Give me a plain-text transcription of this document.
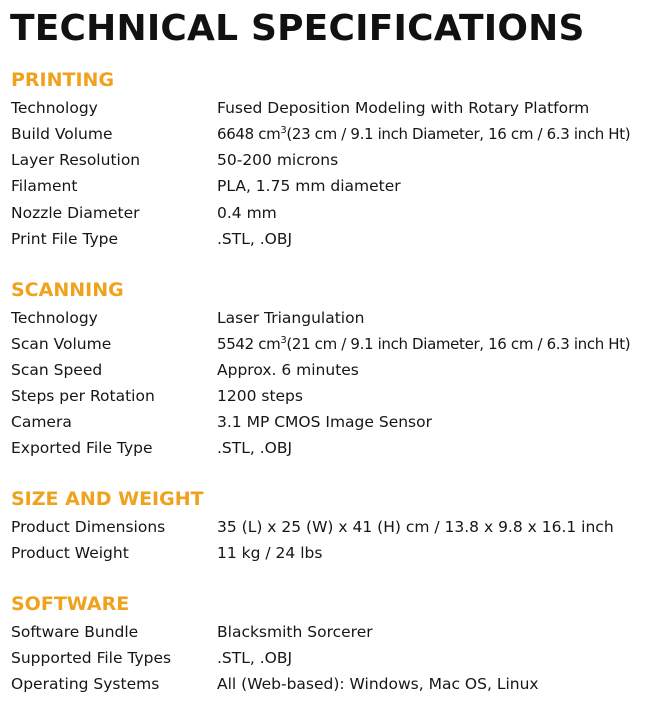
TECHNICAL SPECIFICATIONS
PRINTING
Technology	Fused Deposition Modeling with Rotary Platform
Build Volume	6648 $cm^3(23$ cm / 9.1 inch Diameter, 16 cm / 6.3 inch Ht)
Layer Resolution	50-200 microns
Filament	PLA, 1.75 mm diameter
Nozzle Diameter	0.4 mm
Print File Type	.STL, .OBJ
SCANNING
Technology	Laser Triangulation
Scan Volume	5542 $cm^3(21$ cm / 9.1 inch Diameter, 16 cm / 6.3 inch Ht)
Scan Speed	Approx. 6 minutes
Steps per Rotation	1200 steps
Camera	3.1 MP CMOS Image Sensor
Exported File Type	.STL, .OBJ
SIZE AND WEIGHT
Product Dimensions	35 (L) x 25 (W) x 41 (H) cm / 13.8 x 9.8 x 16.1 inch
Product Weight	11 kg / 24 lbs
SOFTWARE
Software Bundle	Blacksmith Sorcerer
Supported File Types	.STL, .OBJ
Operating Systems	All (Web-based): Windows, Mac OS, Linux
